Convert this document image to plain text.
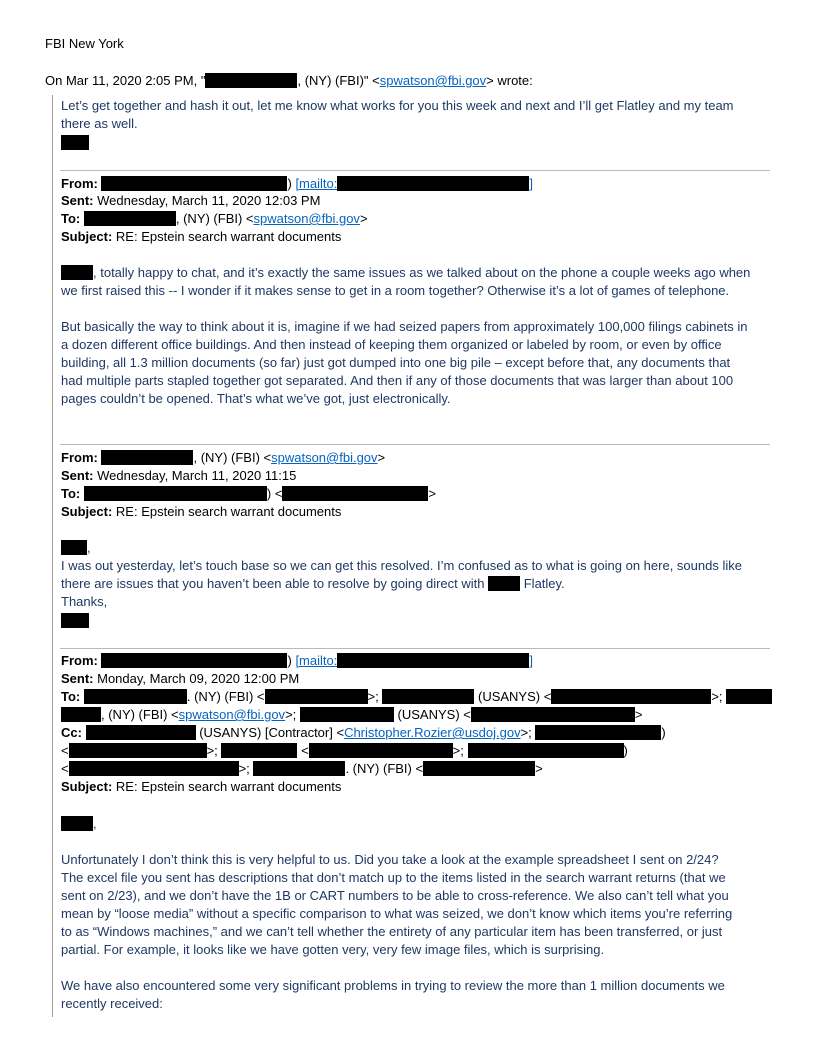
FBI New York
On Mar 11, 2020 2:05 PM, "	, (NY) (FBI)" <spwatson@fbi.gov> wrote:
Let’s get together and hash it out, let me know what works for you this week and next and I’ll get Flatley and my team
there as well.
From:	) [mailto:	]
Sent: Wednesday, March 11, 2020 12:03 PM
To:	, (NY) (FBI) <spwatson@fbi.gov>
Subject: RE: Epstein search warrant documents
, totally happy to chat, and it’s exactly the same issues as we talked about on the phone a couple weeks ago when
we first raised this -- I wonder if it makes sense to get in a room together? Otherwise it’s a lot of games of telephone.
But basically the way to think about it is, imagine if we had seized papers from approximately 100,000 filings cabinets in
a dozen different office buildings. And then instead of keeping them organized or labeled by room, or even by office
building, all 1.3 million documents (so far) just got dumped into one big pile – except before that, any documents that
had multiple parts stapled together got separated. And then if any of those documents that was larger than about 100
pages couldn’t be opened. That’s what we’ve got, just electronically.
From:	, (NY) (FBI) <spwatson@fbi.gov>
Sent: Wednesday, March 11, 2020 11:15
To:	) <	>
Subject: RE: Epstein search warrant documents
,
I was out yesterday, let’s touch base so we can get this resolved. I’m confused as to what is going on here, sounds like
there are issues that you haven’t been able to resolve by going direct with	Flatley.
Thanks,
From:	) [mailto:	]
Sent: Monday, March 09, 2020 12:00 PM
To:	. (NY) (FBI) <	>;	(USANYS) <	>;
, (NY) (FBI) <spwatson@fbi.gov>;	(USANYS) <	>
Cc:	(USANYS) [Contractor] <Christopher.Rozier@usdoj.gov>;	)
<	>;	<	>;	)
<	>;	. (NY) (FBI) <	>
Subject: RE: Epstein search warrant documents
,
Unfortunately I don’t think this is very helpful to us. Did you take a look at the example spreadsheet I sent on 2/24?
The excel file you sent has descriptions that don’t match up to the items listed in the search warrant returns (that we
sent on 2/23), and we don’t have the 1B or CART numbers to be able to cross-reference. We also can’t tell what you
mean by “loose media” without a specific comparison to what was seized, we don’t know which items you’re referring
to as “Windows machines,” and we can’t tell whether the entirety of any particular item has been transferred, or just
partial. For example, it looks like we have gotten very, very few image files, which is surprising.
We have also encountered some very significant problems in trying to review the more than 1 million documents we
recently received:
